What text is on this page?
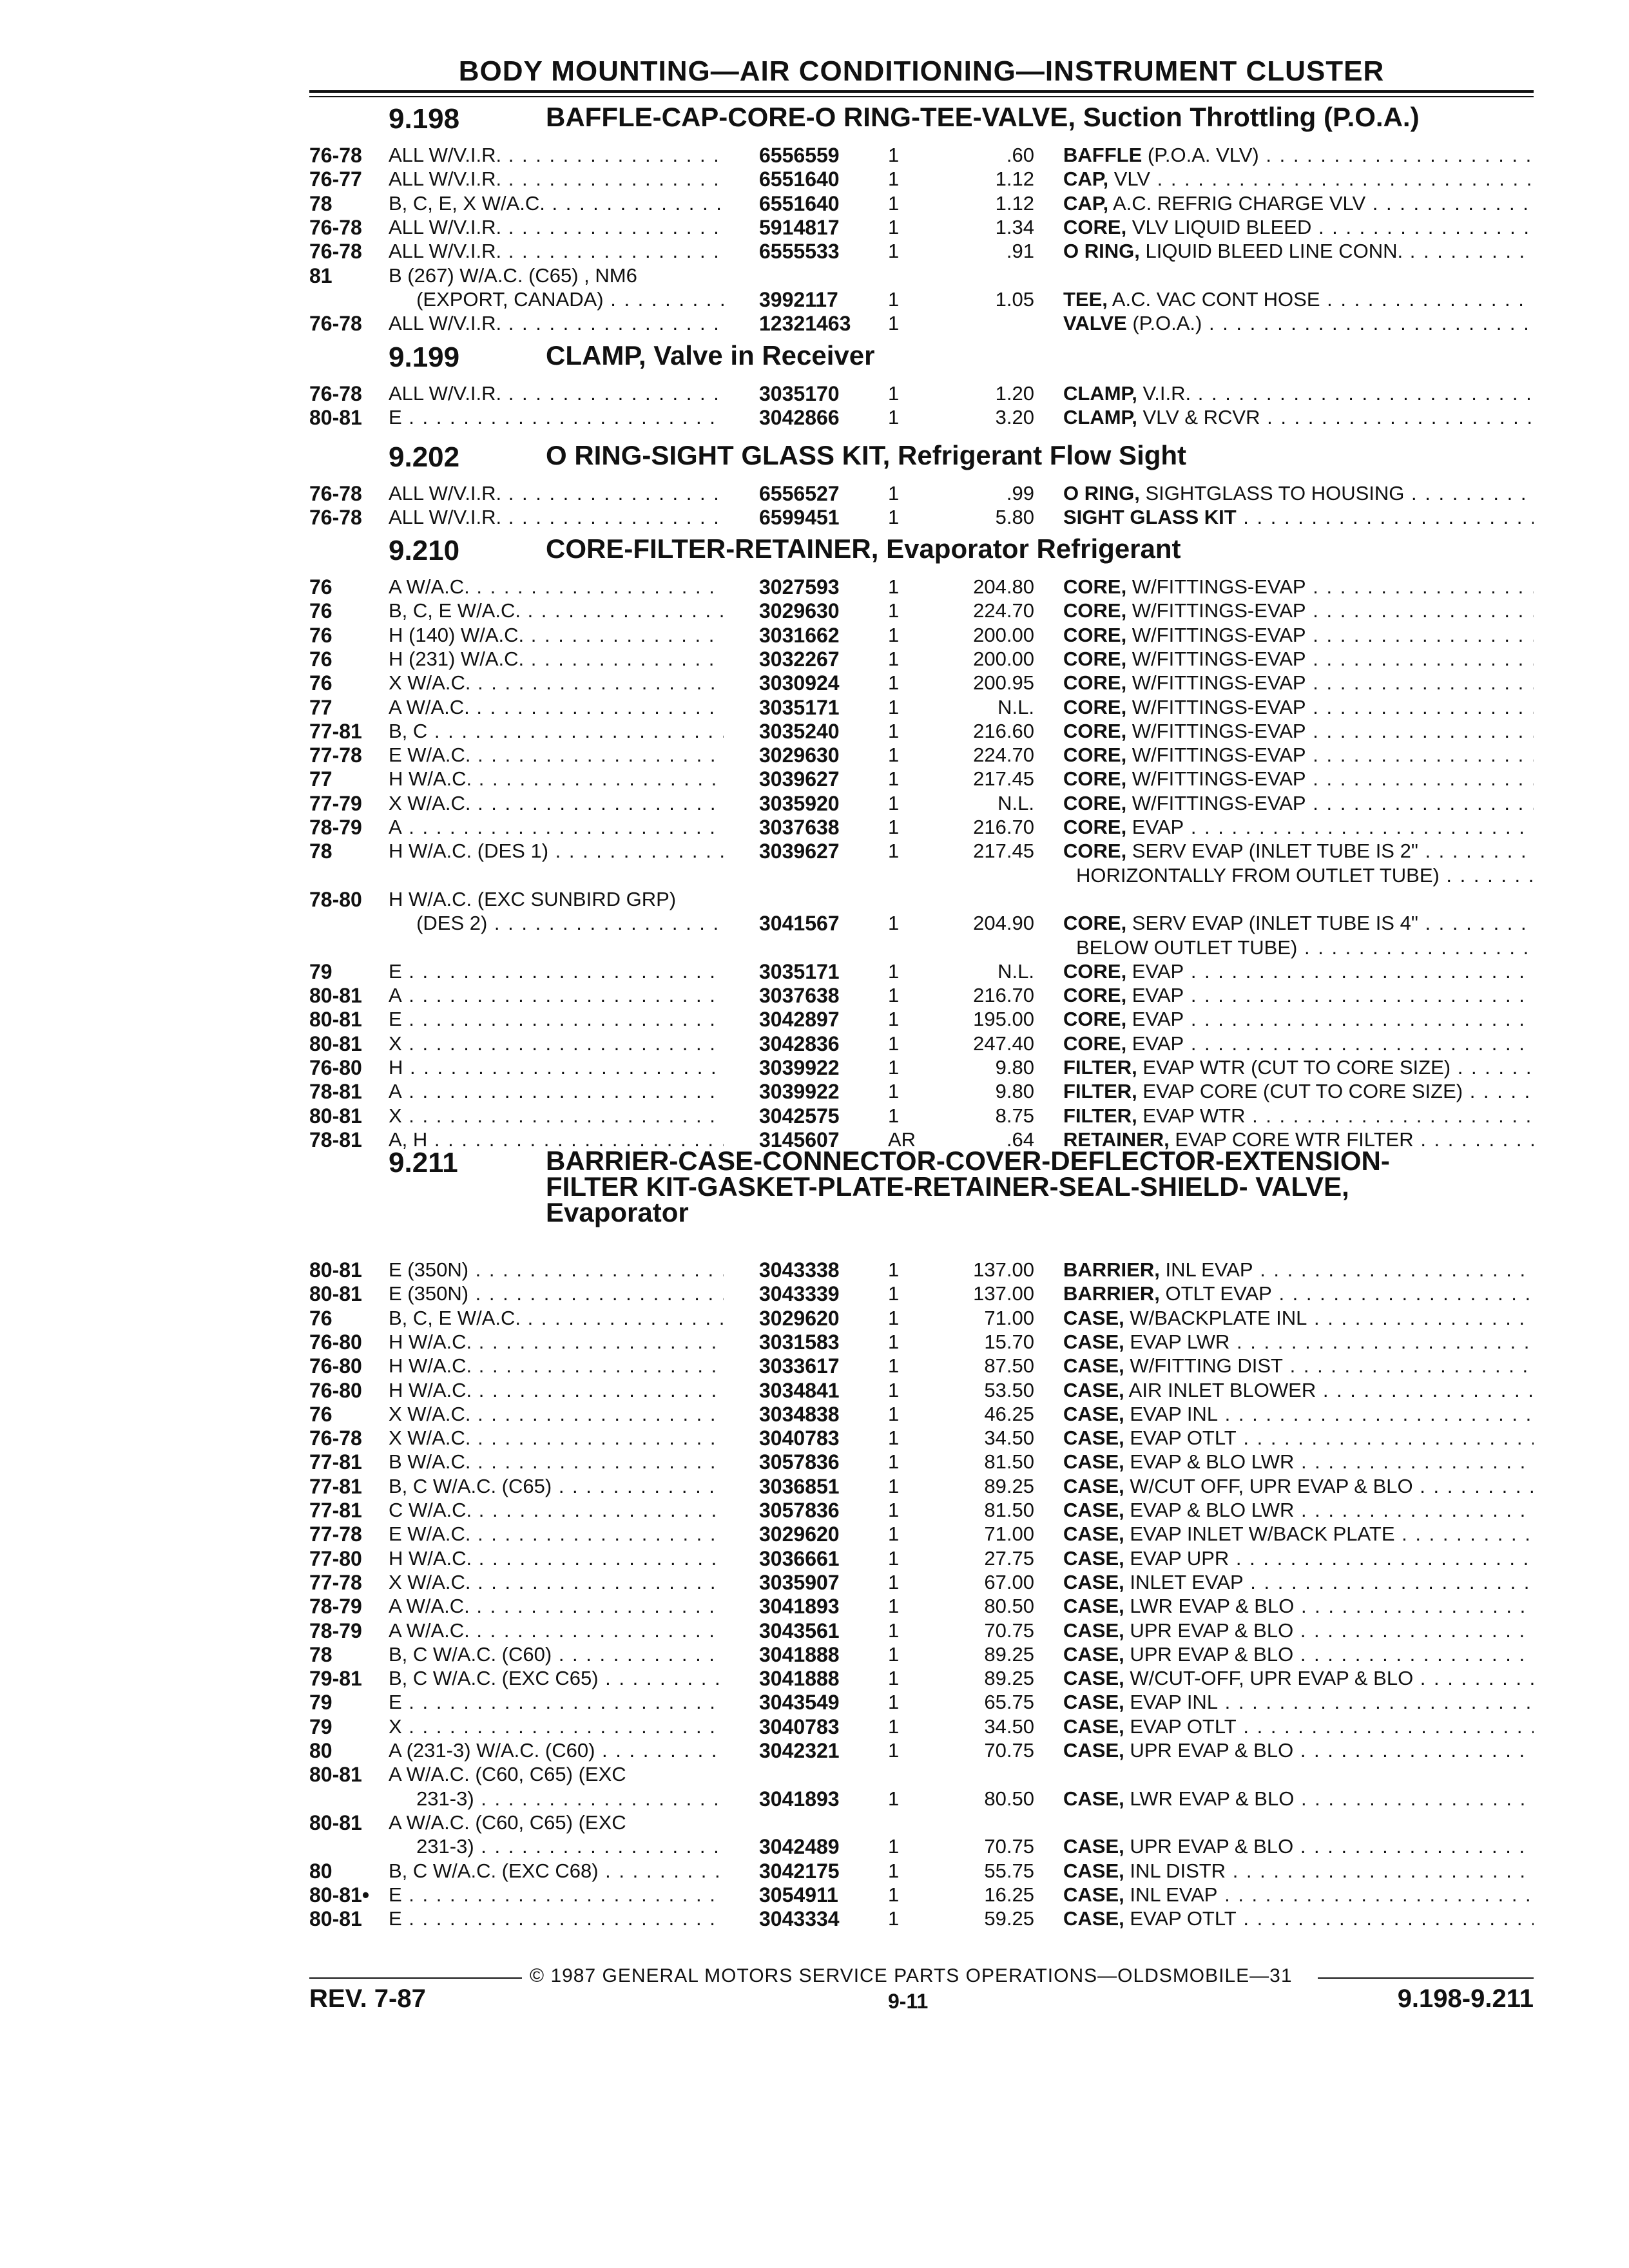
BODY MOUNTING—AIR CONDITIONING—INSTRUMENT CLUSTER
9.198	BAFFLE-CAP-CORE-O RING-TEE-VALVE, Suction Throttling (P.O.A.)
76-78 ALL W/V.I.R. . . .	6556559 1	.60 BAFFLE (P.O.A. VLV) . . .
76-77 ALL W/V.I.R. . . .	6551640 1	1.12 CAP, VLV . . .
78	B, C, E, X W/A.C. . . .	6551640 1	1.12 CAP, A.C. REFRIG CHARGE VLV . . .
76-78 ALL W/V.I.R. . . .	5914817 1	1.34 CORE, VLV LIQUID BLEED . . .
76-78 ALL W/V.I.R. . . .	6555533 1	.91 O RING, LIQUID BLEED LINE CONN. . . .
81	B (267) W/A.C. (C65) , NM6
(EXPORT, CANADA) . . .	3992117 1	1.05 TEE, A.C. VAC CONT HOSE . . .
76-78 ALL W/V.I.R. . . .	12321463 1	VALVE (P.O.A.) . . .
9.199	CLAMP, Valve in Receiver
76-78 ALL W/V.I.R. . . .	3035170 1	1.20 CLAMP, V.I.R. . . .
80-81 E . . .	3042866 1	3.20 CLAMP, VLV & RCVR . . .
9.202	O RING-SIGHT GLASS KIT, Refrigerant Flow Sight
76-78 ALL W/V.I.R. . . .	6556527 1	.99 O RING, SIGHTGLASS TO HOUSING . . .
76-78 ALL W/V.I.R. . . .	6599451 1	5.80 SIGHT GLASS KIT . . .
9.210	CORE-FILTER-RETAINER, Evaporator Refrigerant
76	A W/A.C. . . .	3027593 1	204.80 CORE, W/FITTINGS-EVAP . . .
76	B, C, E W/A.C. . . .	3029630 1	224.70 CORE, W/FITTINGS-EVAP . . .
76	H (140) W/A.C. . . .	3031662 1	200.00 CORE, W/FITTINGS-EVAP . . .
76	H (231) W/A.C. . . .	3032267 1	200.00 CORE, W/FITTINGS-EVAP . . .
76	X W/A.C. . . .	3030924 1	200.95 CORE, W/FITTINGS-EVAP . . .
77	A W/A.C. . . .	3035171 1	N.L. CORE, W/FITTINGS-EVAP . . .
77-81 B, C . . .	3035240 1	216.60 CORE, W/FITTINGS-EVAP . . .
77-78 E W/A.C. . . .	3029630 1	224.70 CORE, W/FITTINGS-EVAP . . .
77	H W/A.C. . . .	3039627 1	217.45 CORE, W/FITTINGS-EVAP . . .
77-79 X W/A.C. . . .	3035920 1	N.L. CORE, W/FITTINGS-EVAP . . .
78-79 A . . .	3037638 1	216.70 CORE, EVAP . . .
78	H W/A.C. (DES 1) . . .	3039627 1	217.45 CORE, SERV EVAP (INLET TUBE IS 2" . . .
HORIZONTALLY FROM OUTLET TUBE) . . .
78-80 H W/A.C. (EXC SUNBIRD GRP)
(DES 2) . . .	3041567 1	204.90 CORE, SERV EVAP (INLET TUBE IS 4" . . .
BELOW OUTLET TUBE) . . .
79	E . . .	3035171 1	N.L. CORE, EVAP . . .
80-81 A . . .	3037638 1	216.70 CORE, EVAP . . .
80-81 E . . .	3042897 1	195.00 CORE, EVAP . . .
80-81 X . . .	3042836 1	247.40 CORE, EVAP . . .
76-80 H . . .	3039922 1	9.80 FILTER, EVAP WTR (CUT TO CORE SIZE) . . .
78-81 A . . .	3039922 1	9.80 FILTER, EVAP CORE (CUT TO CORE SIZE) . . .
80-81 X . . .	3042575 1	8.75 FILTER, EVAP WTR . . .
78-81 A, H . . .	3145607 AR	.64 RETAINER, EVAP CORE WTR FILTER . . .
9.211	BARRIER-CASE-CONNECTOR-COVER-DEFLECTOR-EXTENSION-
FILTER KIT-GASKET-PLATE-RETAINER-SEAL-SHIELD- VALVE,
Evaporator
80-81 E (350N) . . .	3043338 1	137.00 BARRIER, INL EVAP . . .
80-81 E (350N) . . .	3043339 1	137.00 BARRIER, OTLT EVAP . . .
76	B, C, E W/A.C. . . .	3029620 1	71.00 CASE, W/BACKPLATE INL . . .
76-80 H W/A.C. . . .	3031583 1	15.70 CASE, EVAP LWR . . .
76-80 H W/A.C. . . .	3033617 1	87.50 CASE, W/FITTING DIST . . .
76-80 H W/A.C. . . .	3034841 1	53.50 CASE, AIR INLET BLOWER . . .
76	X W/A.C. . . .	3034838 1	46.25 CASE, EVAP INL . . .
76-78 X W/A.C. . . .	3040783 1	34.50 CASE, EVAP OTLT . . .
77-81 B W/A.C. . . .	3057836 1	81.50 CASE, EVAP & BLO LWR . . .
77-81 B, C W/A.C. (C65) . . .	3036851 1	89.25 CASE, W/CUT OFF, UPR EVAP & BLO . . .
77-81 C W/A.C. . . .	3057836 1	81.50 CASE, EVAP & BLO LWR . . .
77-78 E W/A.C. . . .	3029620 1	71.00 CASE, EVAP INLET W/BACK PLATE . . .
77-80 H W/A.C. . . .	3036661 1	27.75 CASE, EVAP UPR . . .
77-78 X W/A.C. . . .	3035907 1	67.00 CASE, INLET EVAP . . .
78-79 A W/A.C. . . .	3041893 1	80.50 CASE, LWR EVAP & BLO . . .
78-79 A W/A.C. . . .	3043561 1	70.75 CASE, UPR EVAP & BLO . . .
78	B, C W/A.C. (C60) . . .	3041888 1	89.25 CASE, UPR EVAP & BLO . . .
79-81 B, C W/A.C. (EXC C65) . . .	3041888 1	89.25 CASE, W/CUT-OFF, UPR EVAP & BLO . . .
79	E . . .	3043549 1	65.75 CASE, EVAP INL . . .
79	X . . .	3040783 1	34.50 CASE, EVAP OTLT . . .
80	A (231-3) W/A.C. (C60) . . .	3042321 1	70.75 CASE, UPR EVAP & BLO . . .
80-81 A W/A.C. (C60, C65) (EXC
231-3) . . .	3041893 1	80.50 CASE, LWR EVAP & BLO . . .
80-81 A W/A.C. (C60, C65) (EXC
231-3) . . .	3042489 1	70.75 CASE, UPR EVAP & BLO . . .
80	B, C W/A.C. (EXC C68) . . .	3042175 1	55.75 CASE, INL DISTR . . .
80-81• E . . .	3054911 1	16.25 CASE, INL EVAP . . .
80-81 E . . .	3043334 1	59.25 CASE, EVAP OTLT . . .
© 1987 GENERAL MOTORS SERVICE PARTS OPERATIONS—OLDSMOBILE—31
REV. 7-87	9-11	9.198-9.211
